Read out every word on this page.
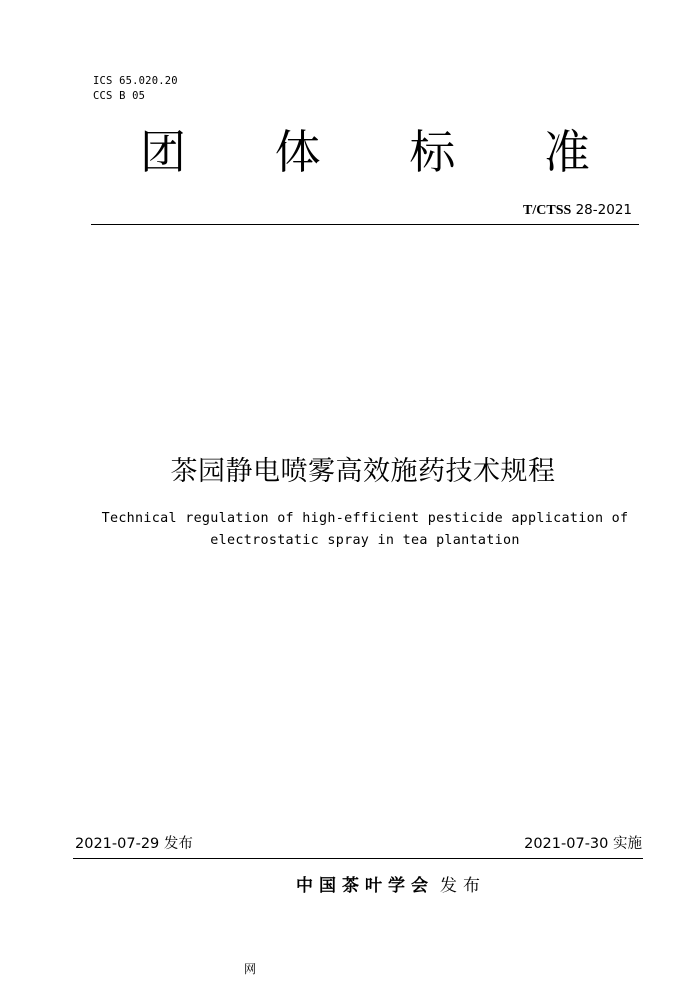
ICS 65.020.20
CCS B 05
团	体	标	准
T/CTSS 28-2021
茶园静电喷雾高效施药技术规程
Technical regulation of high-efficient pesticide application of
electrostatic spray in tea plantation
2021-07-29 发布	2021-07-30 实施
中国茶叶学会 发布
网
